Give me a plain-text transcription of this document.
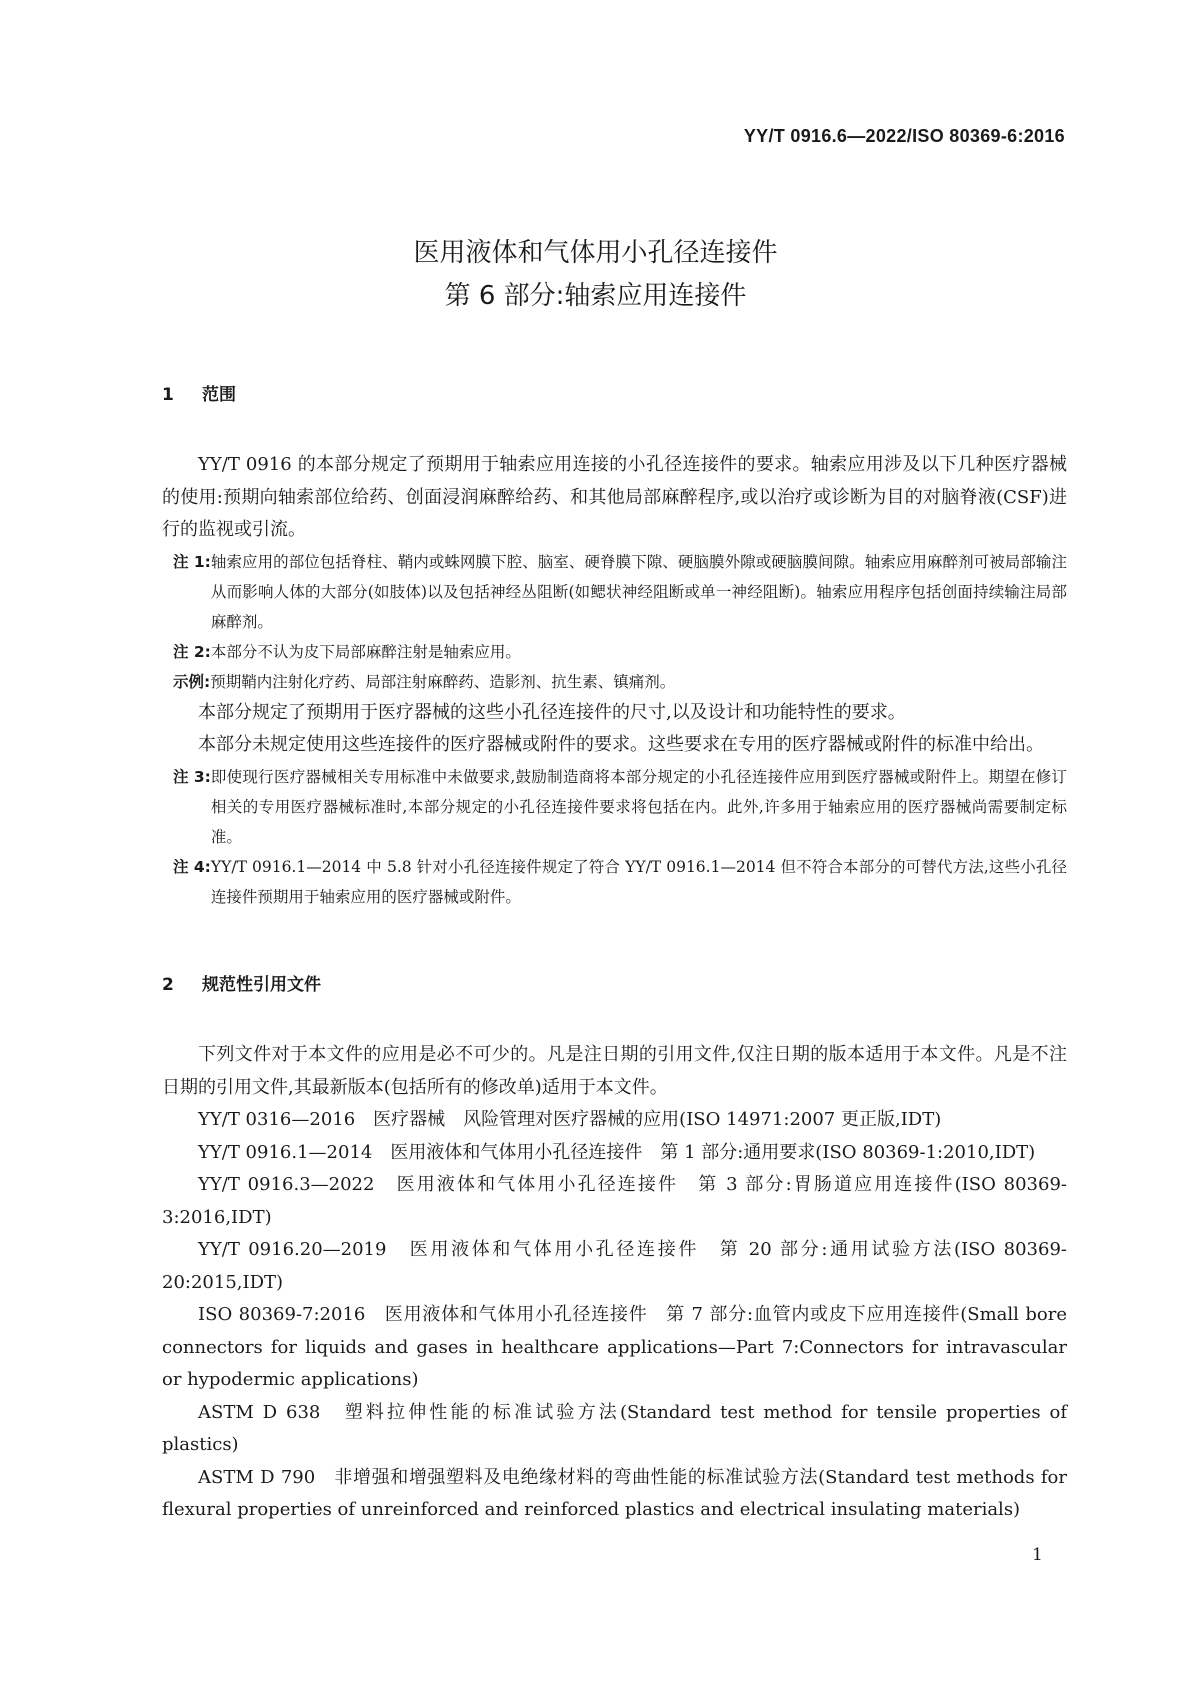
YY/T 0916.6—2022/ISO 80369-6:2016
医用液体和气体用小孔径连接件
第 6 部分:轴索应用连接件
1 范围

YY/T 0916 的本部分规定了预期用于轴索应用连接的小孔径连接件的要求。轴索应用涉及以下几种医疗器械的使用:预期向轴索部位给药、创面浸润麻醉给药、和其他局部麻醉程序,或以治疗或诊断为目的对脑脊液(CSF)进行的监视或引流。

注 1: 轴索应用的部位包括脊柱、鞘内或蛛网膜下腔、脑室、硬脊膜下隙、硬脑膜外隙或硬脑膜间隙。轴索应用麻醉剂可被局部输注从而影响人体的大部分(如肢体)以及包括神经丛阻断(如鳃状神经阻断或单一神经阻断)。轴索应用程序包括创面持续输注局部麻醉剂。
注 2: 本部分不认为皮下局部麻醉注射是轴索应用。
示例: 预期鞘内注射化疗药、局部注射麻醉药、造影剂、抗生素、镇痛剂。

本部分规定了预期用于医疗器械的这些小孔径连接件的尺寸,以及设计和功能特性的要求。

本部分未规定使用这些连接件的医疗器械或附件的要求。这些要求在专用的医疗器械或附件的标准中给出。

注 3: 即使现行医疗器械相关专用标准中未做要求,鼓励制造商将本部分规定的小孔径连接件应用到医疗器械或附件上。期望在修订相关的专用医疗器械标准时,本部分规定的小孔径连接件要求将包括在内。此外,许多用于轴索应用的医疗器械尚需要制定标准。
注 4: YY/T 0916.1—2014 中 5.8 针对小孔径连接件规定了符合 YY/T 0916.1—2014 但不符合本部分的可替代方法,这些小孔径连接件预期用于轴索应用的医疗器械或附件。
2 规范性引用文件

下列文件对于本文件的应用是必不可少的。凡是注日期的引用文件,仅注日期的版本适用于本文件。凡是不注日期的引用文件,其最新版本(包括所有的修改单)适用于本文件。

YY/T 0316—2016　医疗器械　风险管理对医疗器械的应用(ISO 14971:2007 更正版,IDT)

YY/T 0916.1—2014　医用液体和气体用小孔径连接件　第 1 部分:通用要求(ISO 80369-1:2010,IDT)

YY/T 0916.3—2022　医用液体和气体用小孔径连接件　第 3 部分:胃肠道应用连接件(ISO 80369-3:2016,IDT)

YY/T 0916.20—2019　医用液体和气体用小孔径连接件　第 20 部分:通用试验方法(ISO 80369-20:2015,IDT)

ISO 80369-7:2016　医用液体和气体用小孔径连接件　第 7 部分:血管内或皮下应用连接件(Small bore connectors for liquids and gases in healthcare applications—Part 7:Connectors for intravascular or hypodermic applications)

ASTM D 638　塑料拉伸性能的标准试验方法(Standard test method for tensile properties of plastics)

ASTM D 790　非增强和增强塑料及电绝缘材料的弯曲性能的标准试验方法(Standard test methods for flexural properties of unreinforced and reinforced plastics and electrical insulating materials)

1
